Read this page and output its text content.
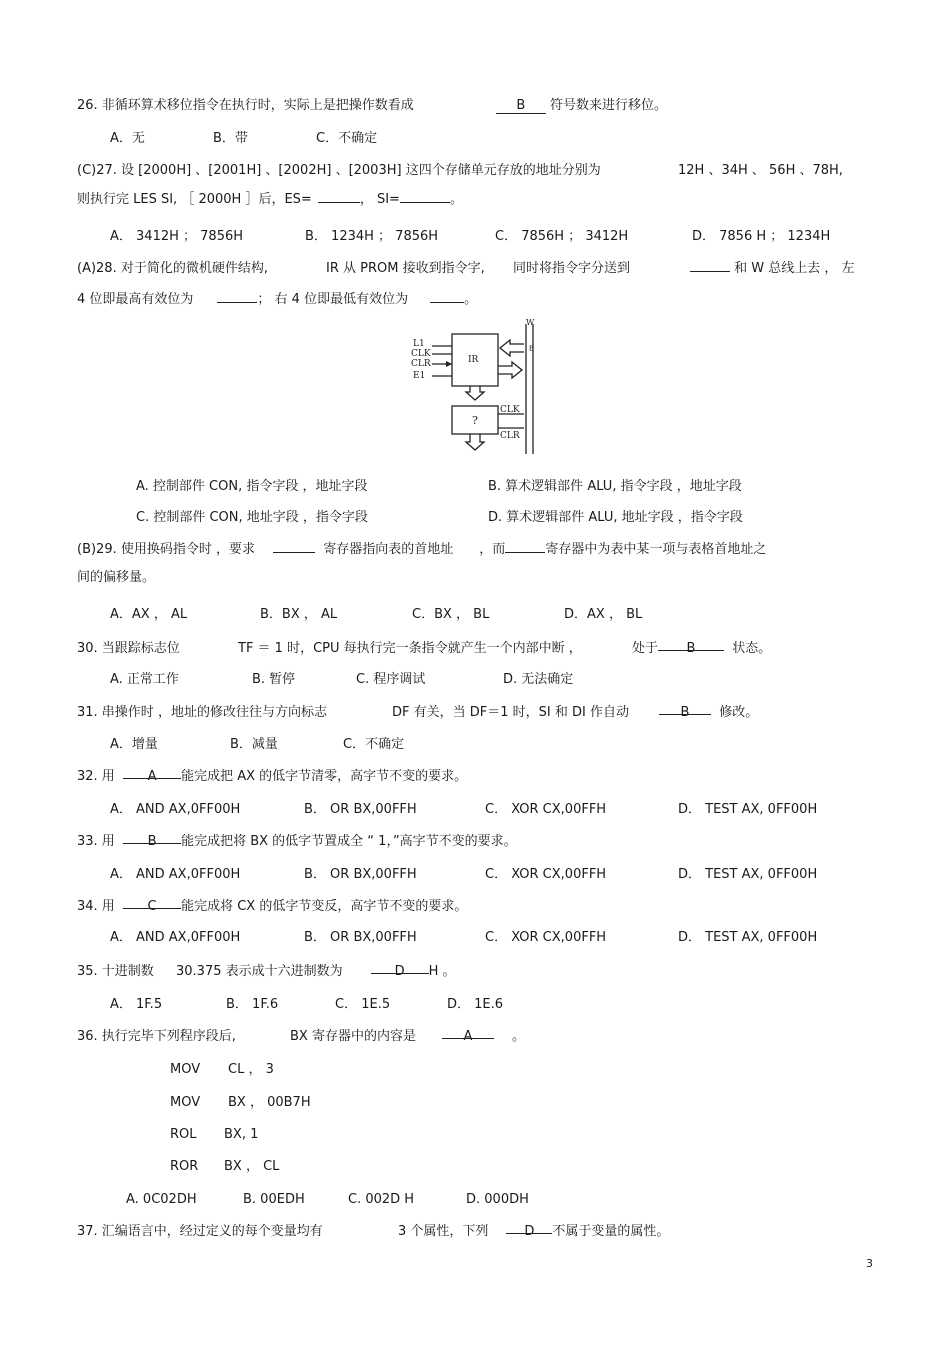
26. 非循环算术移位指令在执行时，实际上是把操作数看成	B 符号数来进行移位。
A．无	B．带	C．不确定
(C)27. 设 [2000H] 、[2001H] 、[2002H] 、[2003H] 这四个存储单元存放的地址分别为	12H 、34H 、 56H 、78H,
则执行完 LES SI, ［ 2000H ］后，ES=	， SI=	。
A． 3412H ； 7856H	B． 1234H ； 7856H	C． 7856H ； 3412H	D． 7856 H ； 1234H
(A)28. 对于简化的微机硬件结构,	IR 从 PROM 接收到指令字, 同时将指令字分送到	和 W 总线上去 ， 左
4 位即最高有效位为	； 右 4 位即最低有效位为	。
L1
CLK
CLR
E1
IR
?
CLK
CLR
W
8
A. 控制部件 CON, 指令字段 ，地址字段	B. 算术逻辑部件 ALU, 指令字段 ，地址字段
C. 控制部件 CON, 地址字段 ，指令字段	D. 算术逻辑部件 ALU, 地址字段 ，指令字段
(B)29. 使用换码指令时 ，要求	寄存器指向表的首地址 ，而	寄存器中为表中某一项与表格首地址之
间的偏移量。
A．AX ， AL	B．BX ， AL	C．BX ， BL	D．AX ， BL
30. 当跟踪标志位	TF ＝ 1 时，CPU 每执行完一条指令就产生一个内部中断 ，	处于 B	状态。
A. 正常工作	B. 暂停	C. 程序调试	D. 无法确定
31. 串操作时 ，地址的修改往往与方向标志	DF 有关，当 DF＝1 时，SI 和 DI 作自动	B 修改。
A．增量	B．减量	C．不确定
32. 用	A 能完成把 AX 的低字节清零，高字节不变的要求。
A． AND AX,0FF00H	B． OR BX,00FFH	C． XOR CX,00FFH	D． TEST AX, 0FF00H
33. 用	B 能完成把将 BX 的低字节置成全 “ 1，”高字节不变的要求。
A． AND AX,0FF00H	B． OR BX,00FFH	C． XOR CX,00FFH	D． TEST AX, 0FF00H
34. 用	C 能完成将 CX 的低字节变反，高字节不变的要求。
A． AND AX,0FF00H	B． OR BX,00FFH	C． XOR CX,00FFH	D． TEST AX, 0FF00H
35. 十进制数 30.375 表示成十六进制数为	D H 。
A． 1F.5	B． 1F.6	C． 1E.5	D． 1E.6
36. 执行完毕下列程序段后,	BX 寄存器中的内容是	A	。
MOV CL ， 3
MOV BX ， 00B7H
ROL BX, 1
ROR BX ， CL
A. 0C02DH	B. 00EDH	C. 002D H	D. 000DH
37. 汇编语言中，经过定义的每个变量均有	3 个属性，下列	D 不属于变量的属性。
3
